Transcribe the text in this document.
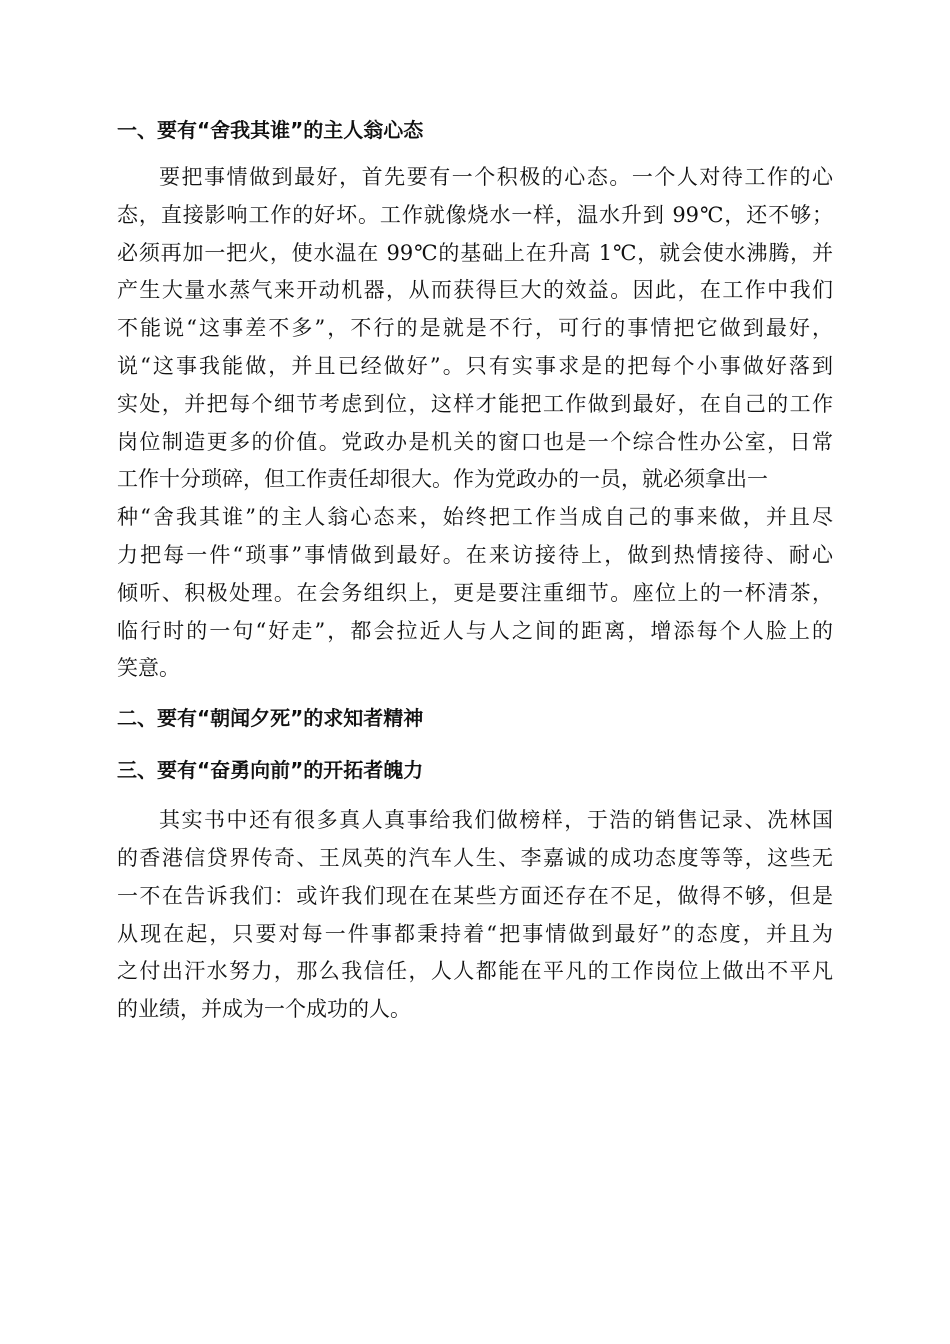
一、要有“舍我其谁”的主人翁心态
要把事情做到最好，首先要有一个积极的心态。一个人对待工作的心
态，直接影响工作的好坏。工作就像烧水一样，温水升到 99℃，还不够；
必须再加一把火，使水温在 99℃的基础上在升高 1℃，就会使水沸腾，并
产生大量水蒸气来开动机器，从而获得巨大的效益。因此，在工作中我们
不能说“这事差不多”，不行的是就是不行，可行的事情把它做到最好，
说“这事我能做，并且已经做好”。只有实事求是的把每个小事做好落到
实处，并把每个细节考虑到位，这样才能把工作做到最好，在自己的工作
岗位制造更多的价值。党政办是机关的窗口也是一个综合性办公室，日常
工作十分琐碎，但工作责任却很大。作为党政办的一员，就必须拿出一
种“舍我其谁”的主人翁心态来，始终把工作当成自己的事来做，并且尽
力把每一件“琐事”事情做到最好。在来访接待上，做到热情接待、耐心
倾听、积极处理。在会务组织上，更是要注重细节。座位上的一杯清茶，
临行时的一句“好走”，都会拉近人与人之间的距离，增添每个人脸上的
笑意。
二、要有“朝闻夕死”的求知者精神
三、要有“奋勇向前”的开拓者魄力
其实书中还有很多真人真事给我们做榜样，于浩的销售记录、冼林国
的香港信贷界传奇、王凤英的汽车人生、李嘉诚的成功态度等等，这些无
一不在告诉我们：或许我们现在在某些方面还存在不足，做得不够，但是
从现在起，只要对每一件事都秉持着“把事情做到最好”的态度，并且为
之付出汗水努力，那么我信任，人人都能在平凡的工作岗位上做出不平凡
的业绩，并成为一个成功的人。
